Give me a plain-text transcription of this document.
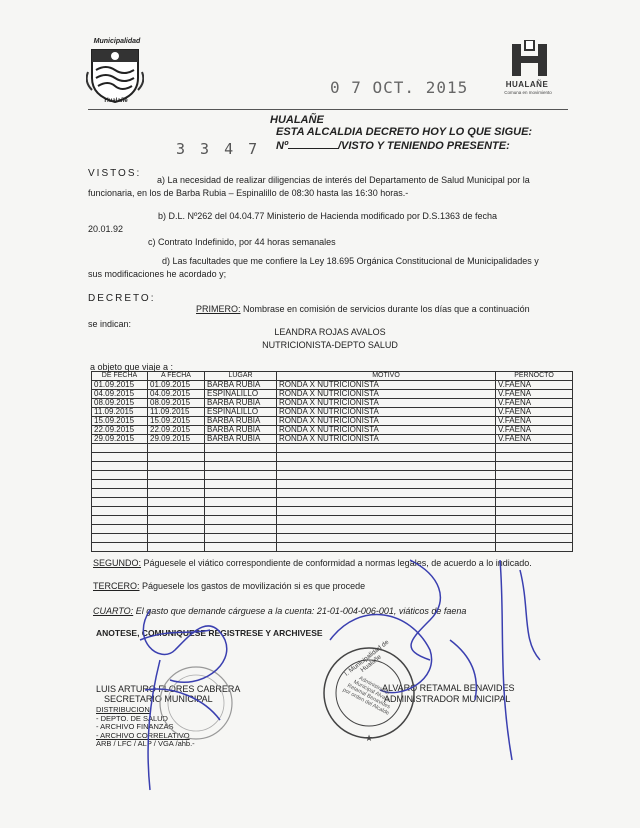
Municipalidad
Hualañe
HUALAÑE
Comuna en movimiento
0 7 OCT. 2015
HUALAÑE
ESTA ALCALDIA DECRETO HOY LO QUE SIGUE:
3 3 4 7 Nº	/VISTO Y TENIENDO PRESENTE:
VISTOS:
a) La necesidad de realizar diligencias de interés del Departamento de Salud Municipal por la
funcionaria, en los de Barba Rubia – Espinalillo de 08:30 hasta las 16:30 horas.-
b) D.L. Nº262 del 04.04.77 Ministerio de Hacienda modificado por D.S.1363 de fecha
20.01.92
c) Contrato Indefinido, por 44 horas semanales
d) Las facultades que me confiere la Ley 18.695 Orgánica Constitucional de Municipalidades y
sus modificaciones he acordado y;
DECRETO:
PRIMERO: Nombrase en comisión de servicios durante los días que a continuación
se indican:
LEANDRA ROJAS AVALOS
NUTRICIONISTA-DEPTO SALUD
a objeto que viaje a :
DE FECHA	A FECHA	LUGAR	MOTIVO	PERNOCTO
01.09.2015	01.09.2015	BARBA RUBIA	RONDA X NUTRICIONISTA	V.FAENA
04.09.2015	04.09.2015	ESPINALILLO	RONDA X NUTRICIONISTA	V.FAENA
08.09.2015	08.09.2015	BARBA RUBIA	RONDA X NUTRICIONISTA	V.FAENA
11.09.2015	11.09.2015	ESPINALILLO	RONDA X NUTRICIONISTA	V.FAENA
15.09.2015	15.09.2015	BARBA RUBIA	RONDA X NUTRICIONISTA	V.FAENA
22.09.2015	22.09.2015	BARBA RUBIA	RONDA X NUTRICIONISTA	V.FAENA
29.09.2015	29.09.2015	BARBA RUBIA	RONDA X NUTRICIONISTA	V.FAENA

SEGUNDO: Páguesele el viático correspondiente de conformidad a normas legales, de acuerdo a lo indicado.
TERCERO: Páguesele los gastos de movilización si es que procede
CUARTO: El gasto que demande cárguese a la cuenta: 21-01-004-006-001, viáticos de faena
ANOTESE, COMUNIQUESE REGISTRESE Y ARCHIVESE
LUIS ARTURO FLORES CABRERA
SECRETARIO MUNICIPAL
ALVARO RETAMAL BENAVIDES
ADMINISTRADOR MUNICIPAL
DISTRIBUCION
- DEPTO. DE SALUD
- ARCHIVO FINANZAS
- ARCHIVO CORRELATIVO
ARB / LFC / ALP / VGA /ahb.-	★
I. Municipalidad de Hualañe
Administrador Municipal Alvaro Retamal Benavides por orden del Alcalde
